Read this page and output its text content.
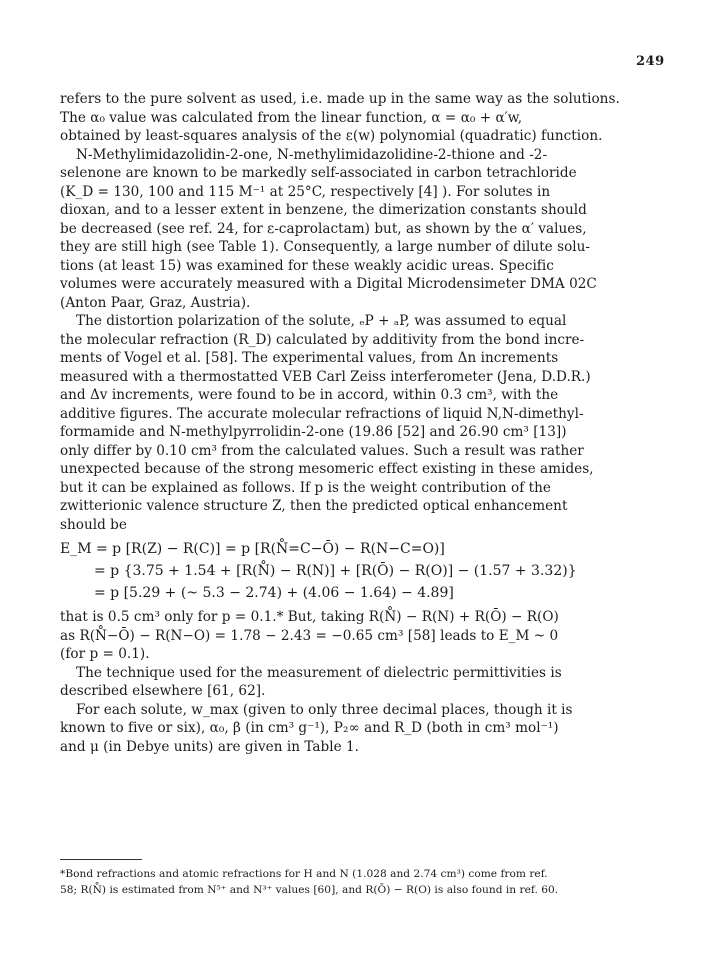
249
refers to the pure solvent as used, i.e. made up in the same way as the solutions.
The α₀ value was calculated from the linear function, α = α₀ + α′w,
obtained by least-squares analysis of the ε(w) polynomial (quadratic) function.
N-Methylimidazolidin-2-one, N-methylimidazolidine-2-thione and -2-
selenone are known to be markedly self-associated in carbon tetrachloride
(K_D = 130, 100 and 115 M⁻¹ at 25°C, respectively [4] ). For solutes in
dioxan, and to a lesser extent in benzene, the dimerization constants should
be decreased (see ref. 24, for ε-caprolactam) but, as shown by the α′ values,
they are still high (see Table 1). Consequently, a large number of dilute solu-
tions (at least 15) was examined for these weakly acidic ureas. Specific
volumes were accurately measured with a Digital Microdensimeter DMA 02C
(Anton Paar, Graz, Austria).
The distortion polarization of the solute, ₑP + ₐP, was assumed to equal
the molecular refraction (R_D) calculated by additivity from the bond incre-
ments of Vogel et al. [58]. The experimental values, from Δn increments
measured with a thermostatted VEB Carl Zeiss interferometer (Jena, D.D.R.)
and Δv increments, were found to be in accord, within 0.3 cm³, with the
additive figures. The accurate molecular refractions of liquid N,N-dimethyl-
formamide and N-methylpyrrolidin-2-one (19.86 [52] and 26.90 cm³ [13])
only differ by 0.10 cm³ from the calculated values. Such a result was rather
unexpected because of the strong mesomeric effect existing in these amides,
but it can be explained as follows. If p is the weight contribution of the
zwitterionic valence structure Z, then the predicted optical enhancement
should be
E_M = p [R(Z) − R(C)] = p [R(N̊=C−Ō) − R(N−C=O)]
= p {3.75 + 1.54 + [R(N̊) − R(N)] + [R(Ō) − R(O)] − (1.57 + 3.32)}
= p [5.29 + (~ 5.3 − 2.74) + (4.06 − 1.64) − 4.89]
that is 0.5 cm³ only for p = 0.1.* But, taking R(N̊) − R(N) + R(Ō) − R(O)
as R(N̊−Ō) − R(N−O) = 1.78 − 2.43 = −0.65 cm³ [58] leads to E_M ~ 0
(for p = 0.1).
The technique used for the measurement of dielectric permittivities is
described elsewhere [61, 62].
For each solute, w_max (given to only three decimal places, though it is
known to five or six), α₀, β (in cm³ g⁻¹), P₂∞ and R_D (both in cm³ mol⁻¹)
and μ (in Debye units) are given in Table 1.
*Bond refractions and atomic refractions for H and N (1.028 and 2.74 cm³) come from ref.
58; R(N̊) is estimated from N⁵⁺ and N³⁺ values [60], and R(Ō) − R(O) is also found in ref. 60.
